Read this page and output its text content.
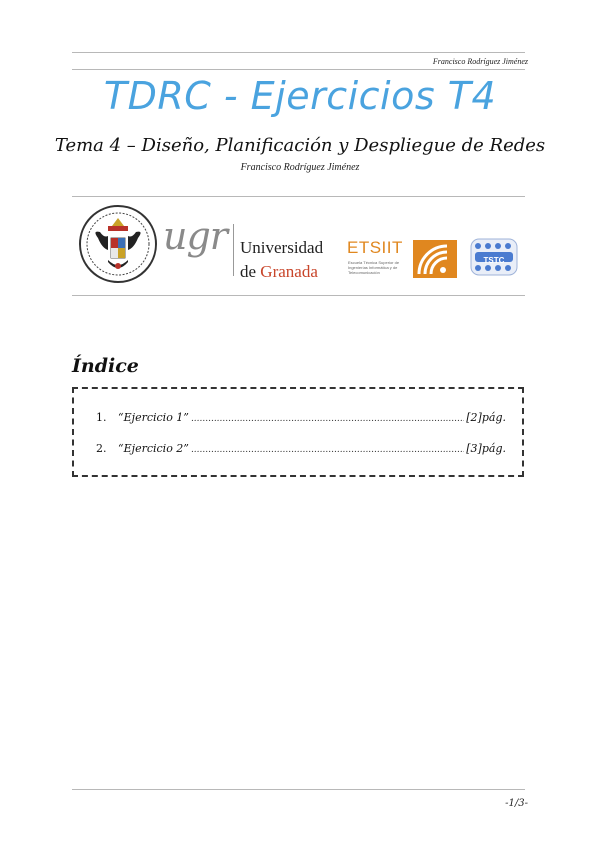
Francisco Rodríguez Jiménez
TDRC - Ejercicios T4
Tema 4 – Diseño, Planificación y Despliegue de Redes
Francisco Rodríguez Jiménez
ugr Universidad
de Granada
ETSIIT
Escuela Técnica Superior de Ingenierías Informática y de Telecomunicación
TSTC
Índice
1.	“Ejercicio 1” .....	[2]pág.
2.	“Ejercicio 2” .....	[3]pág.
-1/3-
